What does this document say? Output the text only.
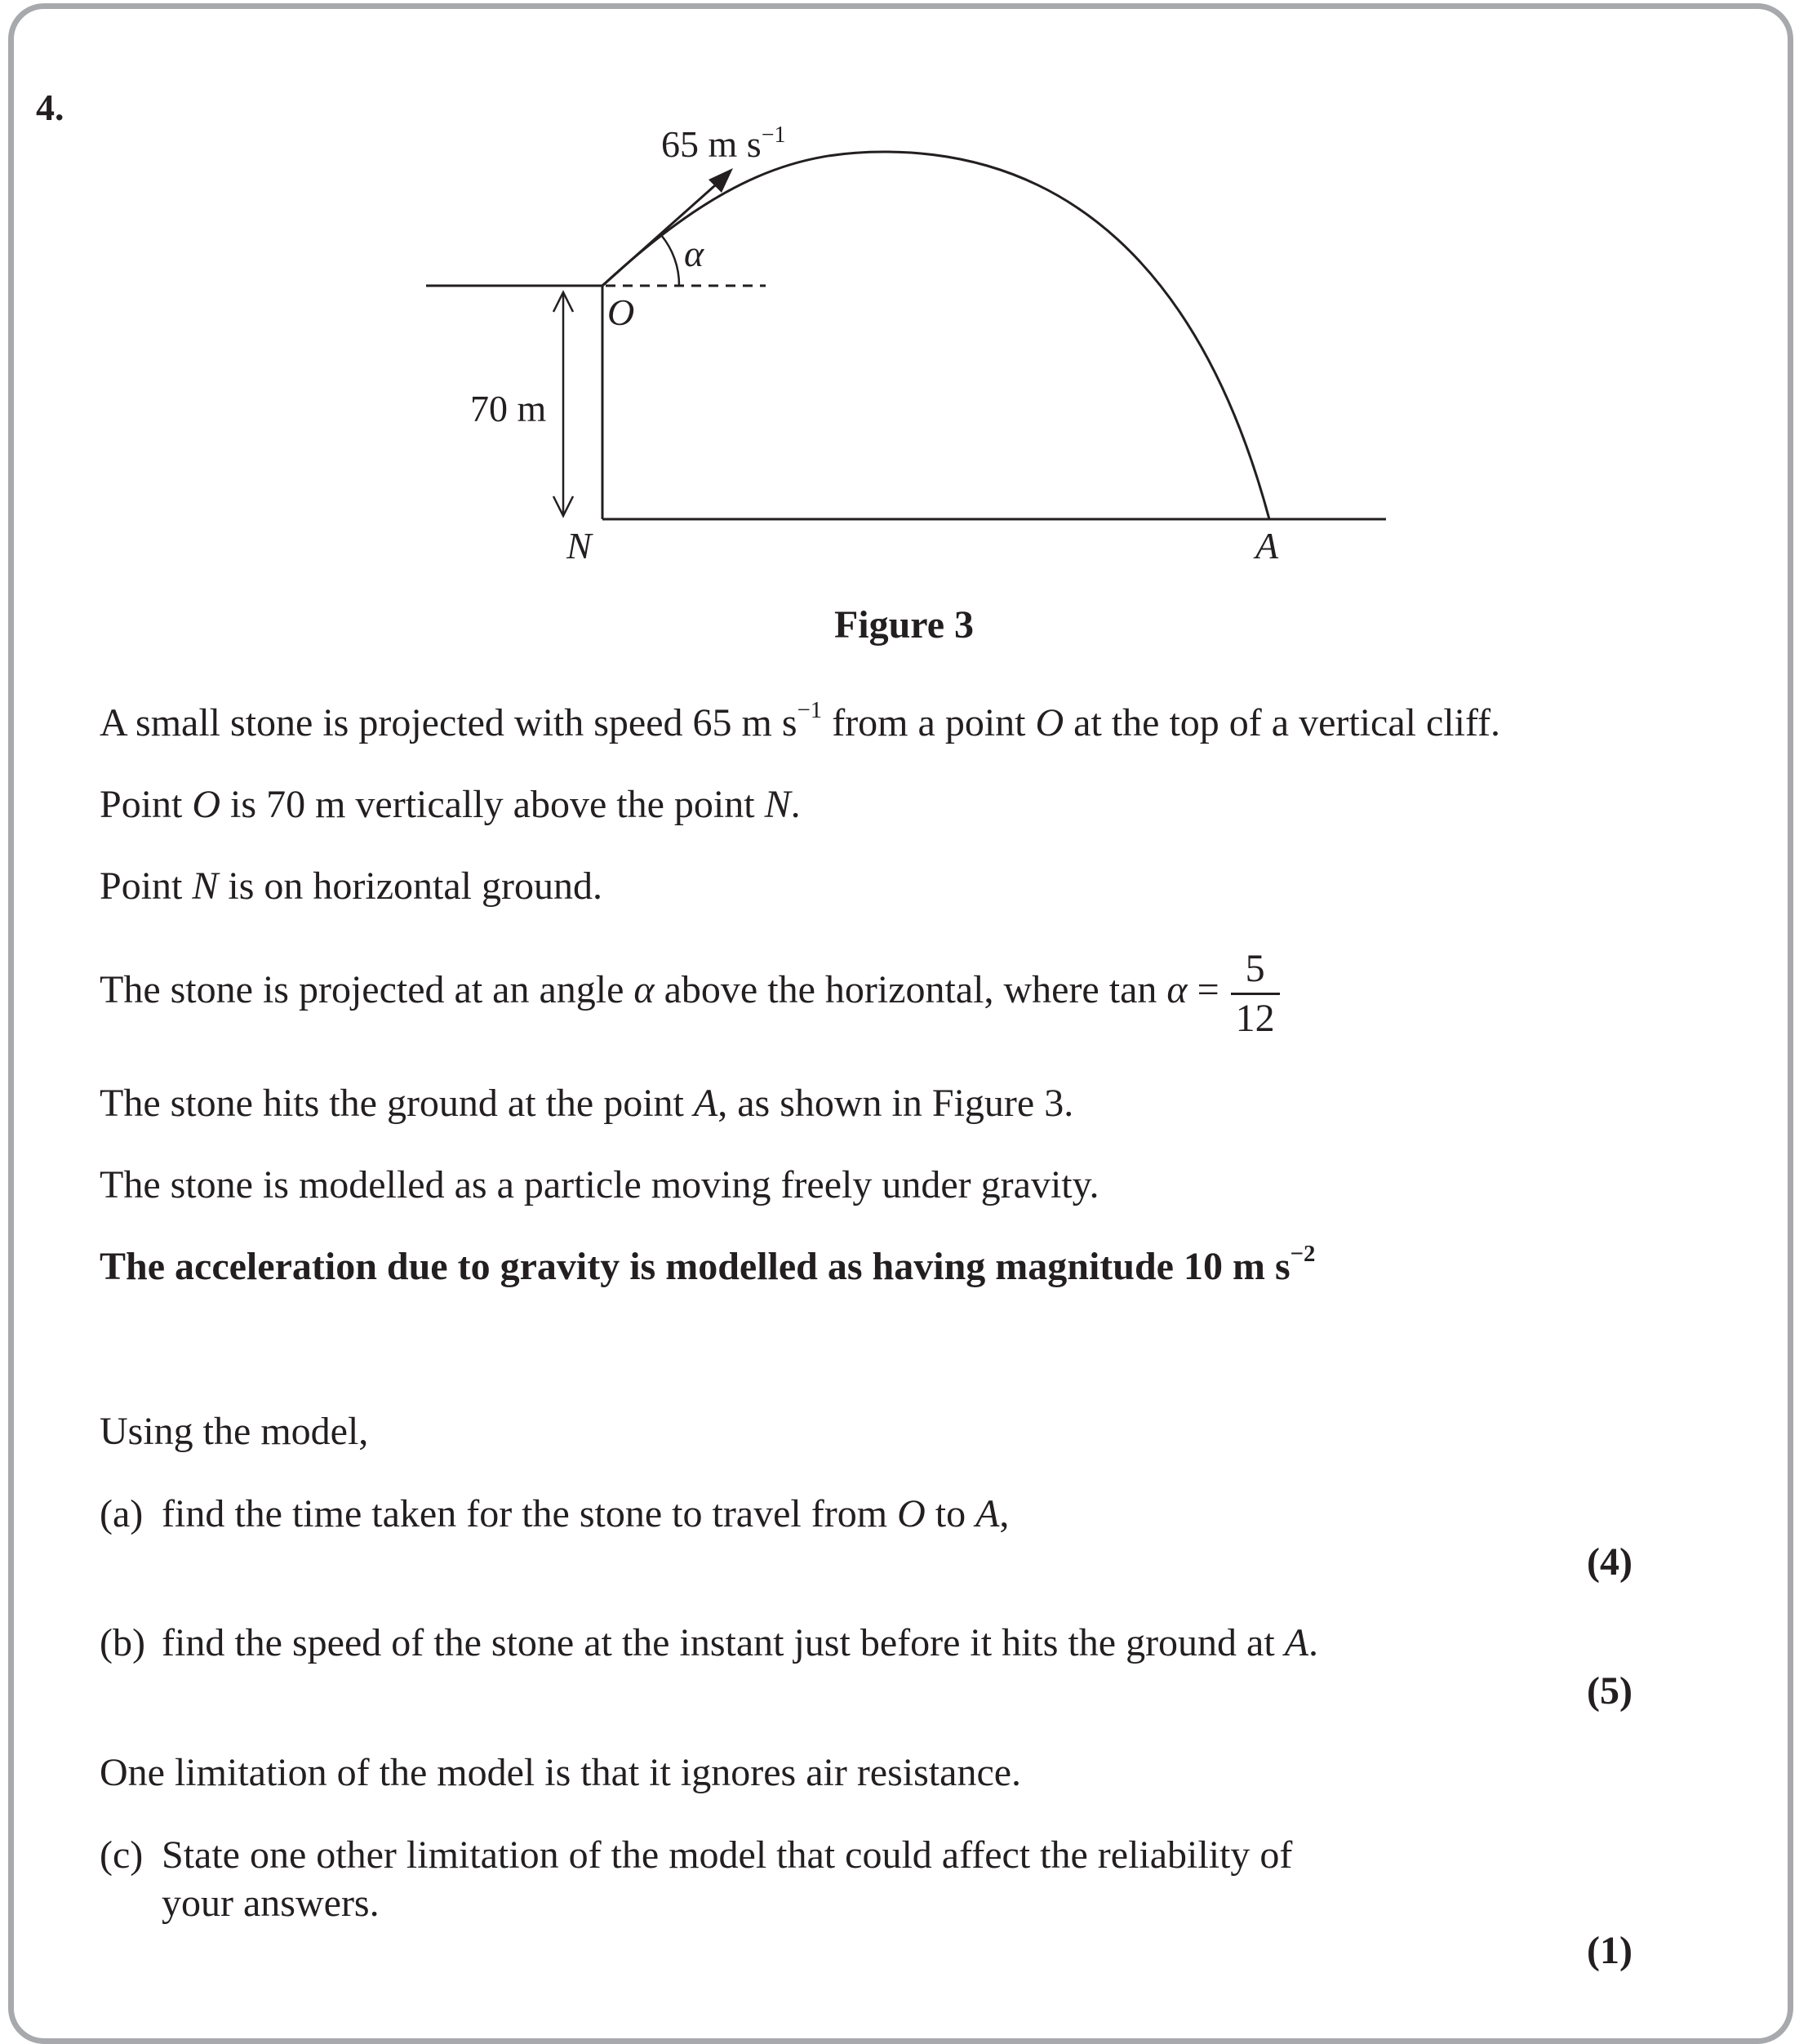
4.
65 m $s^{-1}$
α
O
70 m
N	A
Figure 3
A small stone is projected with speed 65 m $s^{-1}$ from a point O at the top of a vertical cliff.
Point O is 70 m vertically above the point N.
Point N is on horizontal ground.
The stone is projected at an angle α above the horizontal, where $\tan \alpha = \frac{5}{12}$
The stone hits the ground at the point A, as shown in Figure 3.
The stone is modelled as a particle moving freely under gravity.
The acceleration due to gravity is modelled as having magnitude 10 m $s^{-2}$
Using the model,
(a) find the time taken for the stone to travel from O to A,
(4)
(b) find the speed of the stone at the instant just before it hits the ground at A.
(5)
One limitation of the model is that it ignores air resistance.
(c) State one other limitation of the model that could affect the reliability of
your answers.
(1)
